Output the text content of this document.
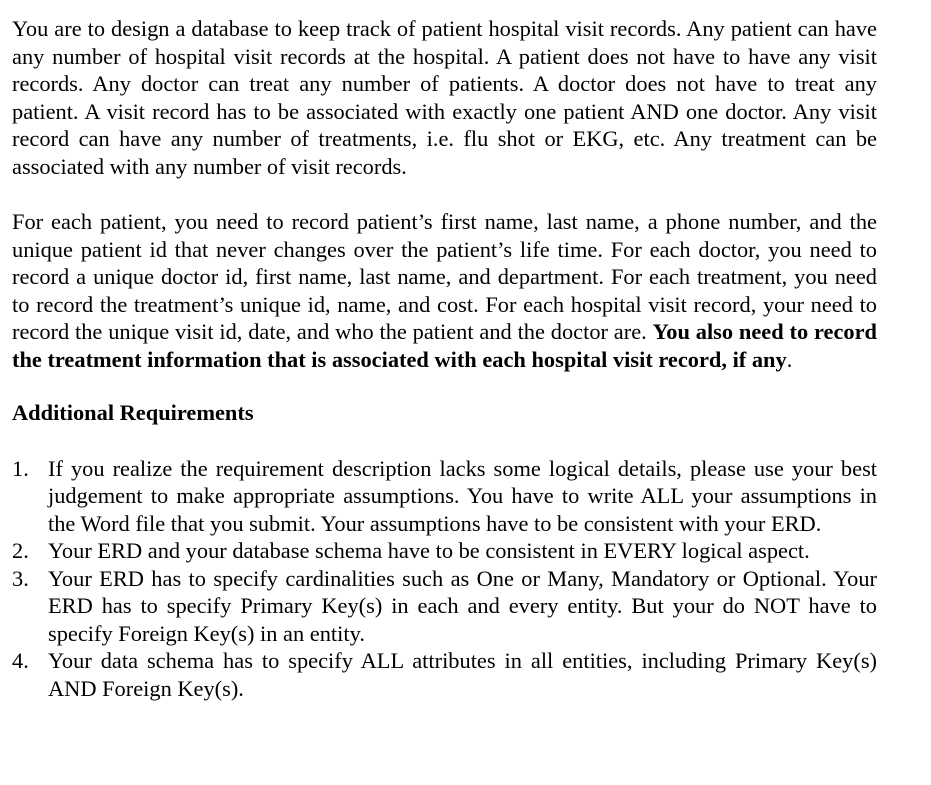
You are to design a database to keep track of patient hospital visit records. Any patient can have any number of hospital visit records at the hospital. A patient does not have to have any visit records. Any doctor can treat any number of patients. A doctor does not have to treat any patient. A visit record has to be associated with exactly one patient AND one doctor. Any visit record can have any number of treatments, i.e. flu shot or EKG, etc. Any treatment can be associated with any number of visit records.

For each patient, you need to record patient’s first name, last name, a phone number, and the unique patient id that never changes over the patient’s life time. For each doctor, you need to record a unique doctor id, first name, last name, and department. For each treatment, you need to record the treatment’s unique id, name, and cost. For each hospital visit record, your need to record the unique visit id, date, and who the patient and the doctor are. You also need to record the treatment information that is associated with each hospital visit record, if any.

Additional Requirements

1. If you realize the requirement description lacks some logical details, please use your best judgement to make appropriate assumptions. You have to write ALL your assumptions in the Word file that you submit. Your assumptions have to be consistent with your ERD.
2. Your ERD and your database schema have to be consistent in EVERY logical aspect.
3. Your ERD has to specify cardinalities such as One or Many, Mandatory or Optional. Your ERD has to specify Primary Key(s) in each and every entity. But your do NOT have to specify Foreign Key(s) in an entity.
4. Your data schema has to specify ALL attributes in all entities, including Primary Key(s) AND Foreign Key(s).
